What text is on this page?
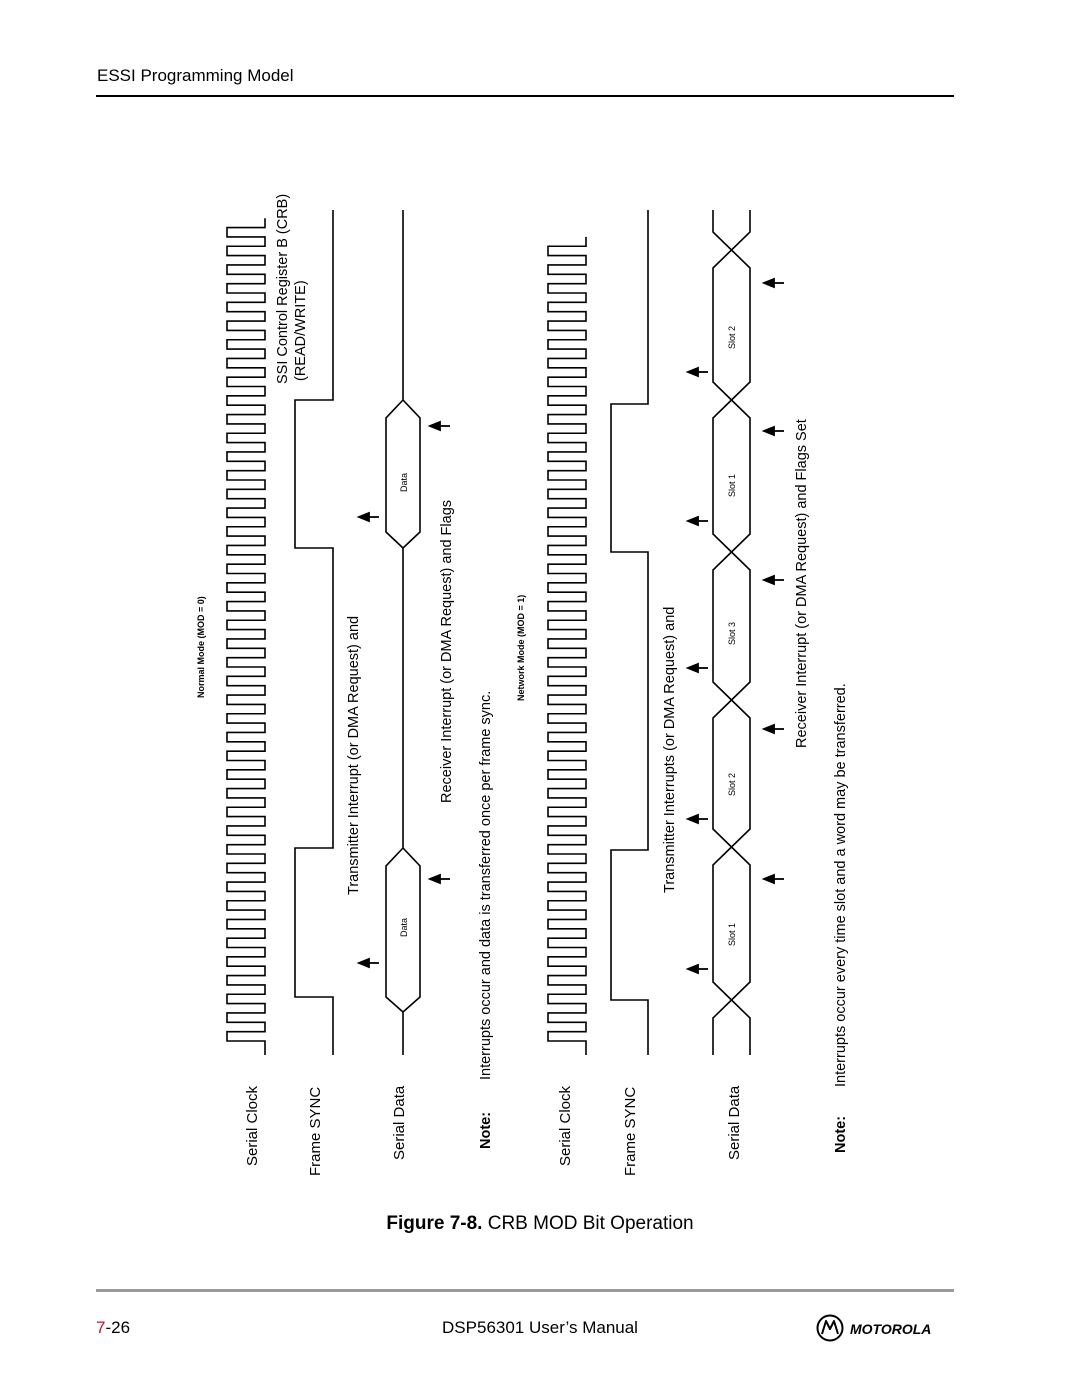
ESSI Programming Model
Normal Mode (MOD = 0)
Serial Clock	Frame SYNC	Serial Data
Data
Data
Transmitter Interrupt (or DMA Request) and
SSI Control Register B (CRB) (READ/WRITE)
Receiver Interrupt (or DMA Request) and Flags
Note:
Interrupts occur and data is transferred once per frame sync.
Network Mode (MOD = 1)
Serial Clock	Frame SYNC	Serial Data
Slot 1
Slot 2
Slot 3
Slot 1
Slot 2
Transmitter Interrupts (or DMA Request) and
Receiver Interrupt (or DMA Request) and Flags Set
Note:
Interrupts occur every time slot and a word may be transferred.
Figure 7-8. CRB MOD Bit Operation
7-26	DSP56301 User’s Manual	MOTOROLA
